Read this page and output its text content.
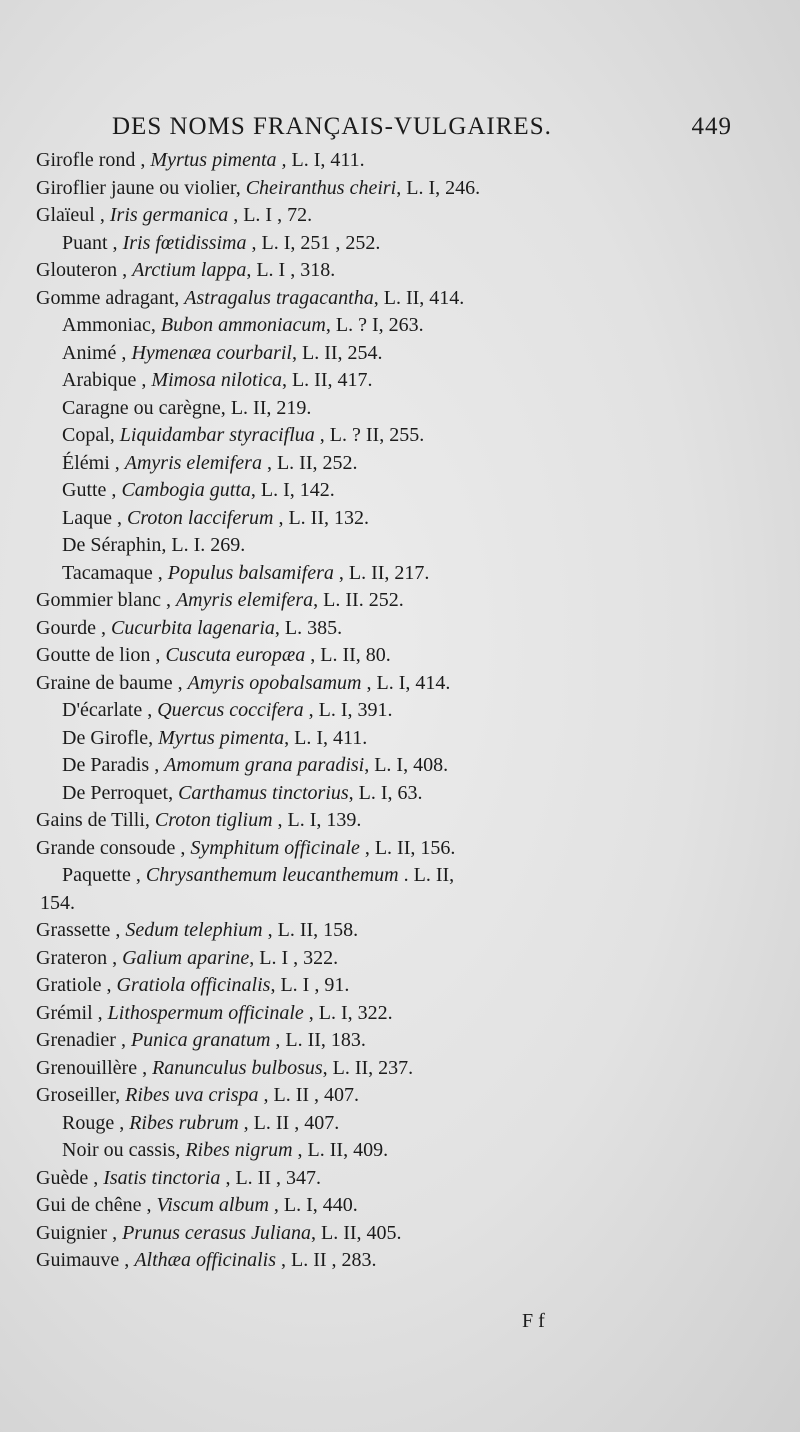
DES NOMS FRANÇAIS-VULGAIRES.	449
Girofle rond , Myrtus pimenta , L. I, 411.
Giroflier jaune ou violier, Cheiranthus cheiri, L. I, 246.
Glaïeul , Iris germanica , L. I , 72.
Puant , Iris fœtidissima , L. I, 251 , 252.
Glouteron , Arctium lappa, L. I , 318.
Gomme adragant, Astragalus tragacantha, L. II, 414.
Ammoniac, Bubon ammoniacum, L. ? I, 263.
Animé , Hymenæa courbaril, L. II, 254.
Arabique , Mimosa nilotica, L. II, 417.
Caragne ou carègne, L. II, 219.
Copal, Liquidambar styraciflua , L. ? II, 255.
Élémi , Amyris elemifera , L. II, 252.
Gutte , Cambogia gutta, L. I, 142.
Laque , Croton lacciferum , L. II, 132.
De Séraphin, L. I. 269.
Tacamaque , Populus balsamifera , L. II, 217.
Gommier blanc , Amyris elemifera, L. II. 252.
Gourde , Cucurbita lagenaria, L. 385.
Goutte de lion , Cuscuta europæa , L. II, 80.
Graine de baume , Amyris opobalsamum , L. I, 414.
D'écarlate , Quercus coccifera , L. I, 391.
De Girofle, Myrtus pimenta, L. I, 411.
De Paradis , Amomum grana paradisi, L. I, 408.
De Perroquet, Carthamus tinctorius, L. I, 63.
Gains de Tilli, Croton tiglium , L. I, 139.
Grande consoude , Symphitum officinale , L. II, 156.
Paquette , Chrysanthemum leucanthemum . L. II,
154.
Grassette , Sedum telephium , L. II, 158.
Grateron , Galium aparine, L. I , 322.
Gratiole , Gratiola officinalis, L. I , 91.
Grémil , Lithospermum officinale , L. I, 322.
Grenadier , Punica granatum , L. II, 183.
Grenouillère , Ranunculus bulbosus, L. II, 237.
Groseiller, Ribes uva crispa , L. II , 407.
Rouge , Ribes rubrum , L. II , 407.
Noir ou cassis, Ribes nigrum , L. II, 409.
Guède , Isatis tinctoria , L. II , 347.
Gui de chêne , Viscum album , L. I, 440.
Guignier , Prunus cerasus Juliana, L. II, 405.
Guimauve , Althæa officinalis , L. II , 283.
F f
